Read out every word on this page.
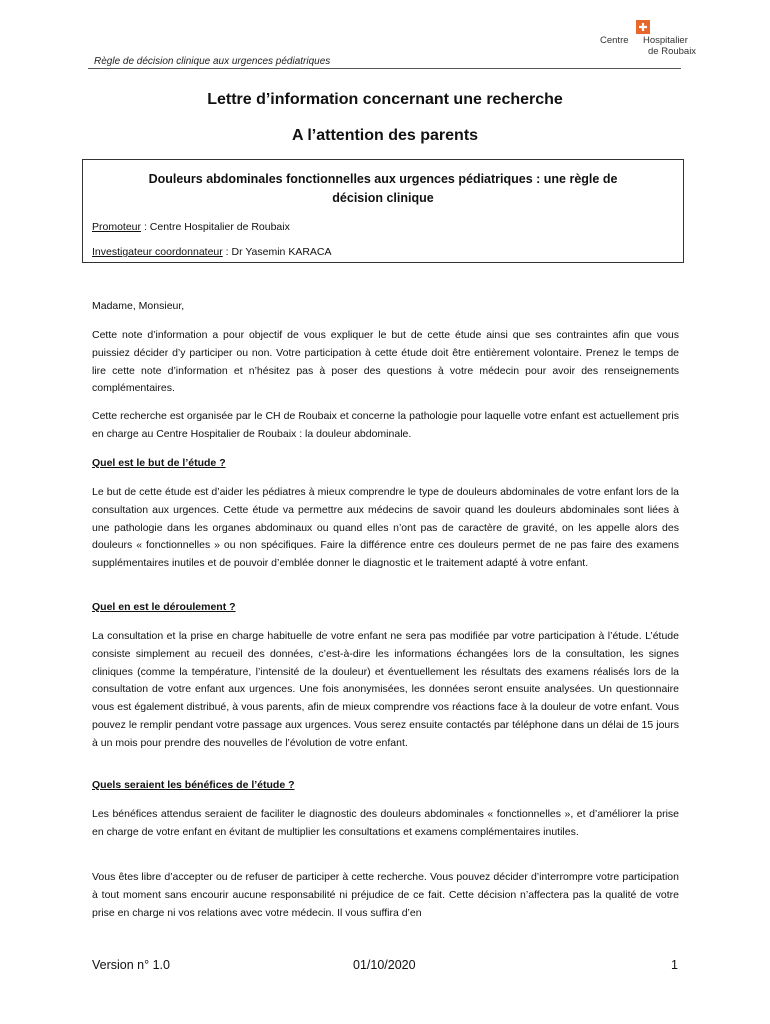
Règle de décision clinique aux urgences pédiatriques
Centre Hospitalier
de Roubaix
Lettre d’information concernant une recherche
A l’attention des parents
Douleurs abdominales fonctionnelles aux urgences pédiatriques : une règle de décision clinique
Promoteur : Centre Hospitalier de Roubaix
Investigateur coordonnateur : Dr Yasemin KARACA
Madame, Monsieur,
Cette note d’information a pour objectif de vous expliquer le but de cette étude ainsi que ses contraintes afin que vous puissiez décider d’y participer ou non. Votre participation à cette étude doit être entièrement volontaire. Prenez le temps de lire cette note d’information et n’hésitez pas à poser des questions à votre médecin pour avoir des renseignements complémentaires.
Cette recherche est organisée par le CH de Roubaix et concerne la pathologie pour laquelle votre enfant est actuellement pris en charge au Centre Hospitalier de Roubaix : la douleur abdominale.
Quel est le but de l’étude ?
Le but de cette étude est d’aider les pédiatres à mieux comprendre le type de douleurs abdominales de votre enfant lors de la consultation aux urgences. Cette étude va permettre aux médecins de savoir quand les douleurs abdominales sont liées à une pathologie dans les organes abdominaux ou quand elles n’ont pas de caractère de gravité, on les appelle alors des douleurs « fonctionnelles » ou non spécifiques. Faire la différence entre ces douleurs permet de ne pas faire des examens supplémentaires inutiles et de pouvoir d’emblée donner le diagnostic et le traitement adapté à votre enfant.
Quel en est le déroulement ?
La consultation et la prise en charge habituelle de votre enfant ne sera pas modifiée par votre participation à l’étude. L’étude consiste simplement au recueil des données, c’est-à-dire les informations échangées lors de la consultation, les signes cliniques (comme la température, l’intensité de la douleur) et éventuellement les résultats des examens réalisés lors de la consultation de votre enfant aux urgences. Une fois anonymisées, les données seront ensuite analysées. Un questionnaire vous est également distribué, à vous parents, afin de mieux comprendre vos réactions face à la douleur de votre enfant. Vous pouvez le remplir pendant votre passage aux urgences. Vous serez ensuite contactés par téléphone dans un délai de 15 jours à un mois pour prendre des nouvelles de l’évolution de votre enfant.
Quels seraient les bénéfices de l’étude ?
Les bénéfices attendus seraient de faciliter le diagnostic des douleurs abdominales « fonctionnelles », et d’améliorer la prise en charge de votre enfant en évitant de multiplier les consultations et examens complémentaires inutiles.
Vous êtes libre d’accepter ou de refuser de participer à cette recherche. Vous pouvez décider d’interrompre votre participation à tout moment sans encourir aucune responsabilité ni préjudice de ce fait. Cette décision n’affectera pas la qualité de votre prise en charge ni vos relations avec votre médecin. Il vous suffira d’en
Version n° 1.0	01/10/2020	1
